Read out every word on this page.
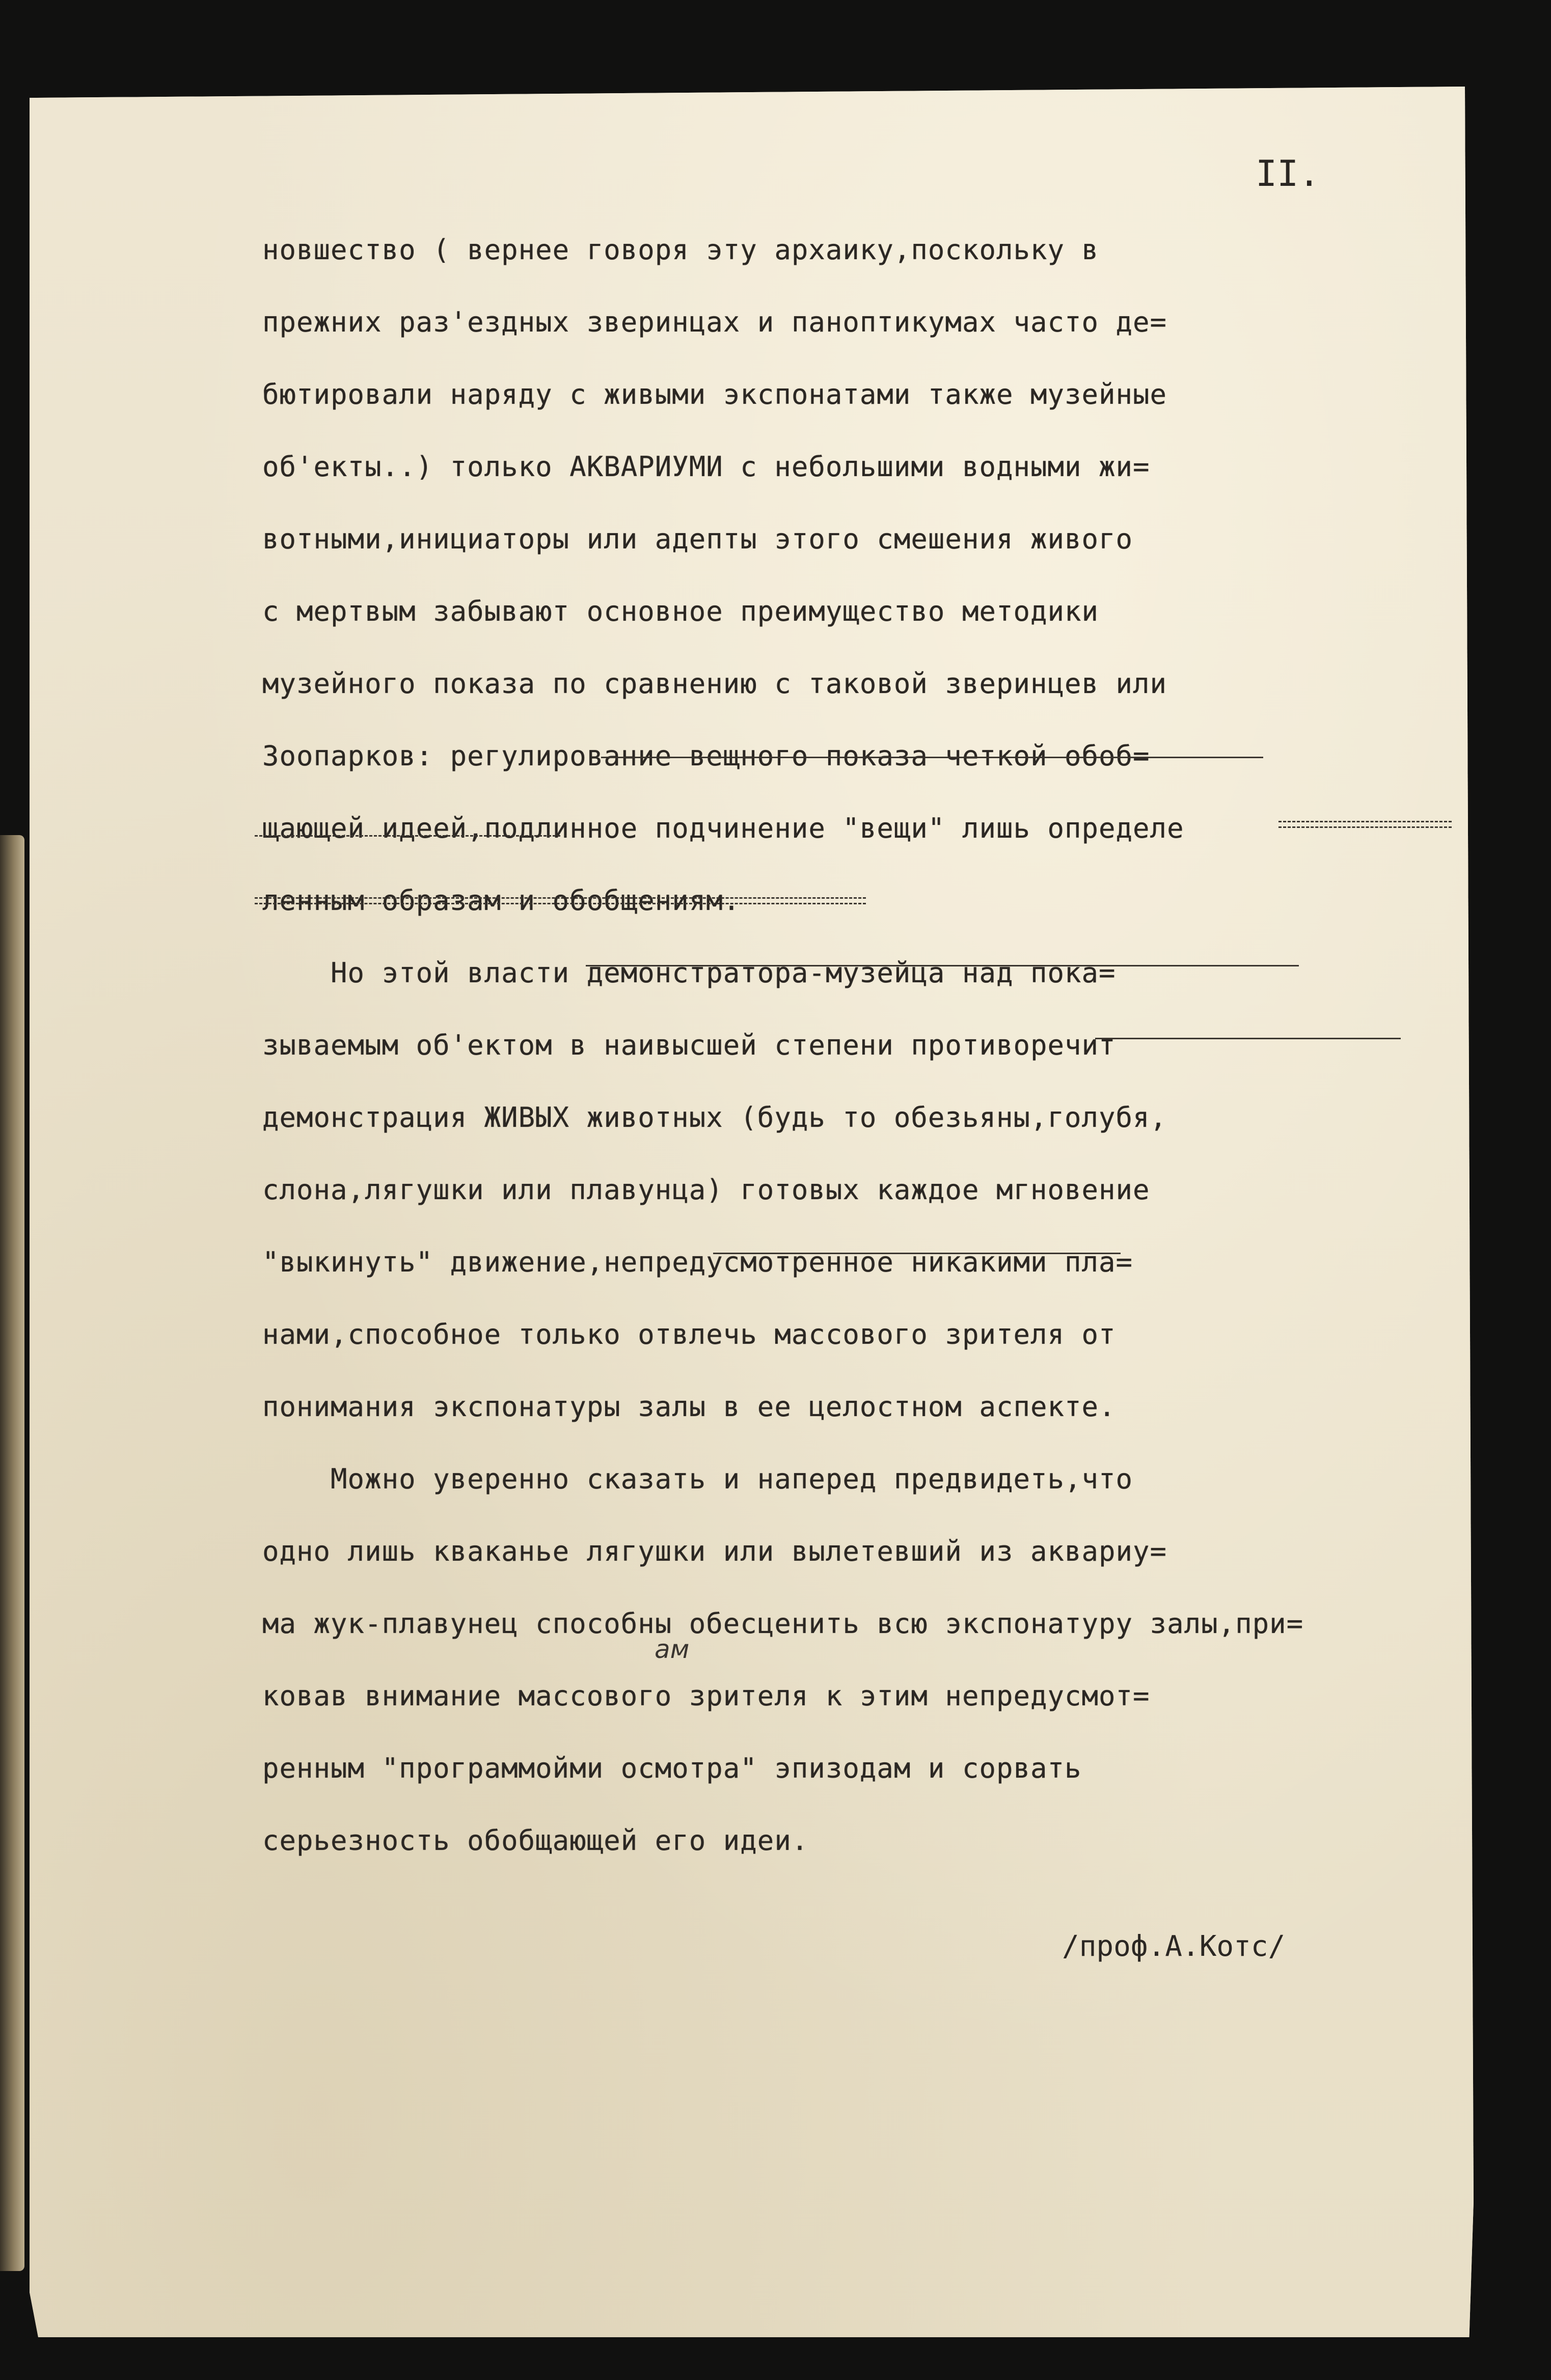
II.
новшество ( вернее говоря эту архаику,поскольку в
прежних раз'ездных зверинцах и паноптикумах часто де=
бютировали наряду с живыми экспонатами также музейные
об'екты..) только АКВАРИУМИ с небольшими водными жи=
вотными,инициаторы или адепты этого смешения живого
с мертвым забывают основное преимущество методики
музейного показа по сравнению с таковой зверинцев или
Зоопарков: регулирование вещного показа четкой обоб=
щающей идеей,подлинное подчинение "вещи" лишь определе
ленным образам и обобщениям.
Но этой власти демонстратора-музейца над пока=
зываемым об'ектом в наивысшей степени противоречит
демонстрация ЖИВЫХ животных (будь то обезьяны,голубя,
слона,лягушки или плавунца) готовых каждое мгновение
"выкинуть" движение,непредусмотренное никакими пла=
нами,способное только отвлечь массового зрителя от
понимания экспонатуры залы в ее целостном аспекте.
Можно уверенно сказать и наперед предвидеть,что
одно лишь кваканье лягушки или вылетевший из аквариу=
ма жук-плавунец способны обесценить всю экспонатуру залы,при=
ковав внимание массового зрителя к этим непредусмот=
ренным "программойми осмотра" эпизодам и сорвать
серьезность обобщающей его идеи.
ам
/проф.А.Котс/
